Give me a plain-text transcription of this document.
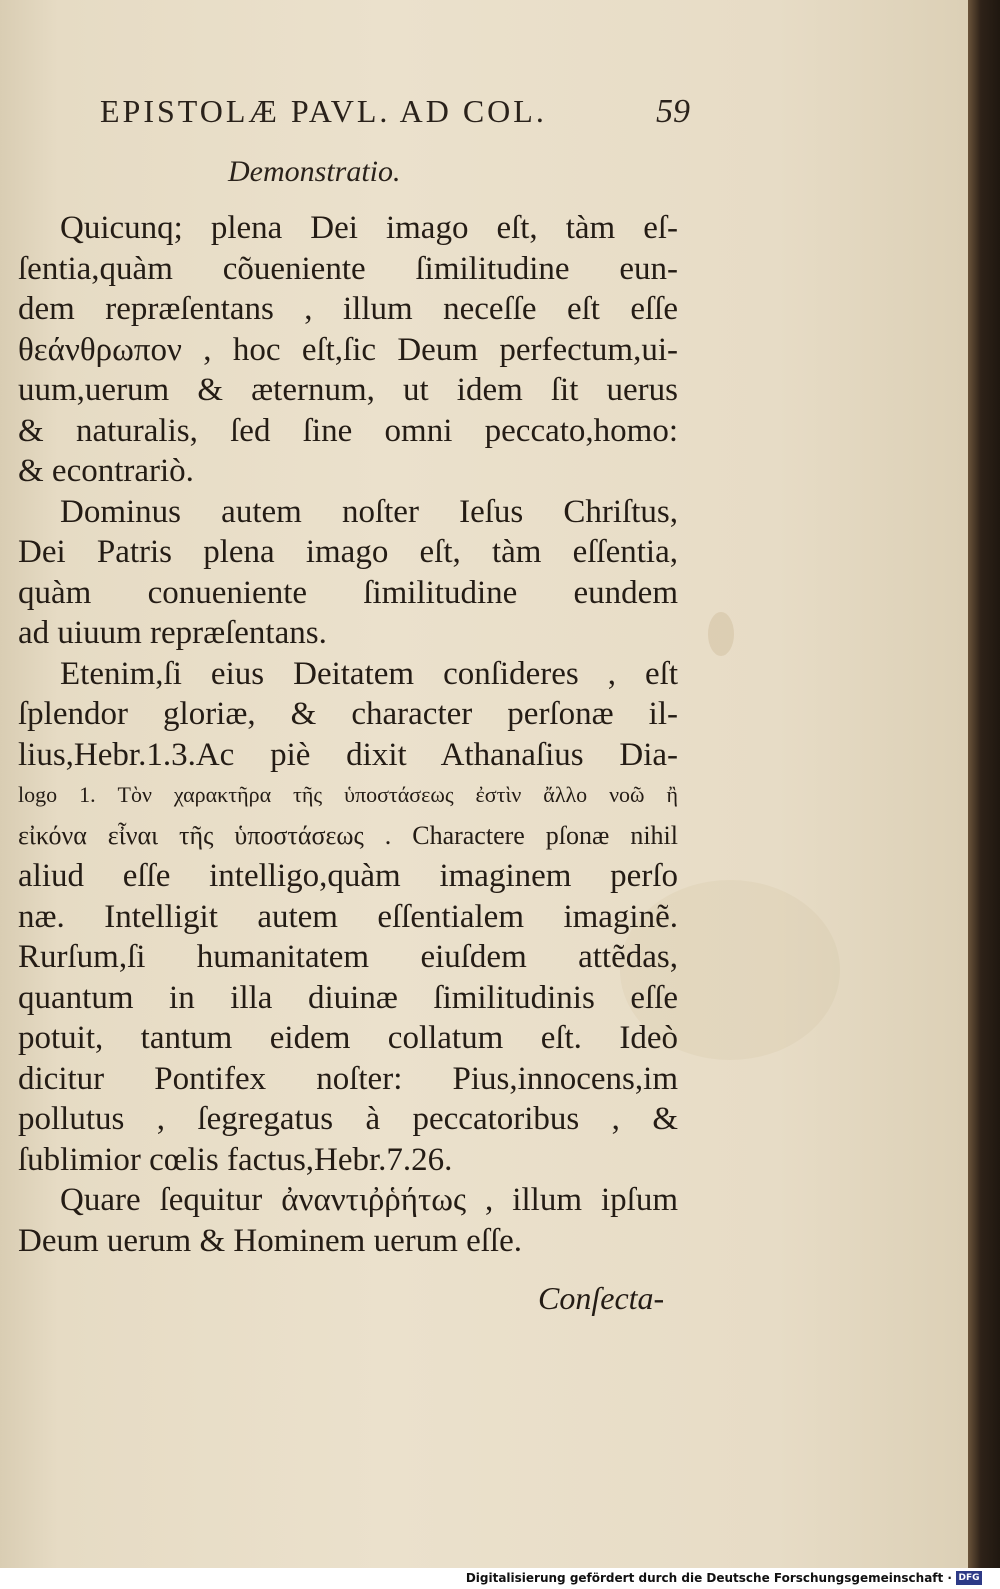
EPISTOLÆ PAVL. AD COL.	59
Demonstratio.
Quicunq; plena Dei imago eſt, tàm eſ-
ſentia,quàm cõueniente ſimilitudine eun-
dem repræſentans , illum neceſſe eſt eſſe
θεάνθρωπον , hoc eſt,ſic Deum perfectum,ui-
uum,uerum & æternum, ut idem ſit uerus
& naturalis, ſed ſine omni peccato,homo:
& econtrariò.
Dominus autem noſter Ieſus Chriſtus,
Dei Patris plena imago eſt, tàm eſſentia,
quàm conueniente ſimilitudine eundem
ad uiuum repræſentans.
Etenim,ſi eius Deitatem conſideres , eſt
ſplendor gloriæ, & character perſonæ il-
lius,Hebr.1.3.Ac piè dixit Athanaſius Dia-
logo 1. Τὸν χαρακτῆρα τῆς ὑποστάσεως ἐστὶν ἄλλο νοῶ ἢ
εἰκόνα εἶναι τῆς ὑποστάσεως . Charactere pſonæ nihil
aliud eſſe intelligo,quàm imaginem perſo
næ. Intelligit autem eſſentialem imaginẽ.
Rurſum,ſi humanitatem eiuſdem attẽdas,
quantum in illa diuinæ ſimilitudinis eſſe
potuit, tantum eidem collatum eſt. Ideò
dicitur Pontifex noſter: Pius,innocens,im
pollutus , ſegregatus à peccatoribus , &
ſublimior cœlis factus,Hebr.7.26.
Quare ſequitur ἀναντιῤῥήτως , illum ipſum
Deum uerum & Hominem uerum eſſe.
Conſecta-
Digitalisierung gefördert durch die Deutsche Forschungsgemeinschaft · DFG
